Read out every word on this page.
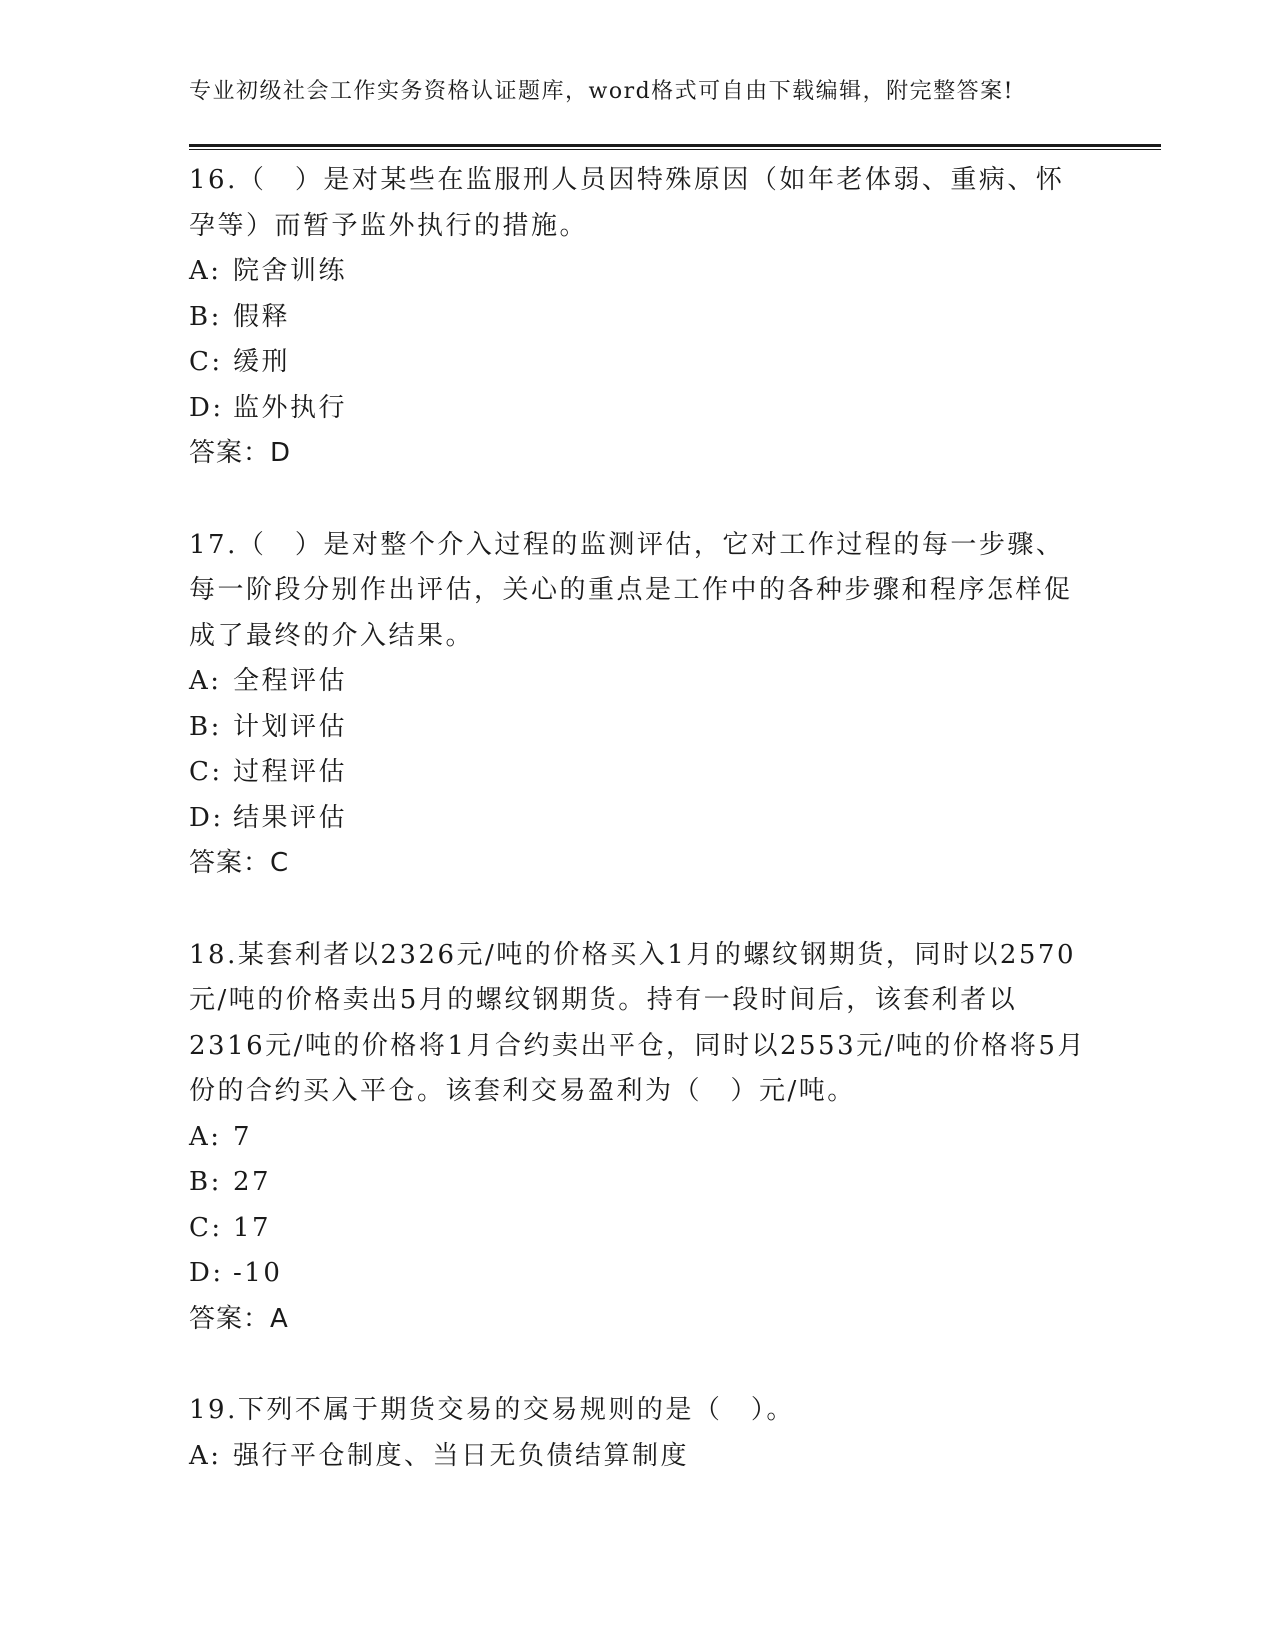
专业初级社会工作实务资格认证题库，word格式可自由下载编辑，附完整答案!

16.（　）是对某些在监服刑人员因特殊原因（如年老体弱、重病、怀孕等）而暂予监外执行的措施。

A: 院舍训练
B: 假释
C: 缓刑
D: 监外执行
答案：D

17.（　）是对整个介入过程的监测评估，它对工作过程的每一步骤、每一阶段分别作出评估，关心的重点是工作中的各种步骤和程序怎样促成了最终的介入结果。

A: 全程评估
B: 计划评估
C: 过程评估
D: 结果评估
答案：C

18.某套利者以2326元/吨的价格买入1月的螺纹钢期货，同时以2570元/吨的价格卖出5月的螺纹钢期货。持有一段时间后，该套利者以2316元/吨的价格将1月合约卖出平仓，同时以2553元/吨的价格将5月份的合约买入平仓。该套利交易盈利为（　）元/吨。

A: 7
B: 27
C: 17
D: -10
答案：A

19.下列不属于期货交易的交易规则的是（　）。

A: 强行平仓制度、当日无负债结算制度
